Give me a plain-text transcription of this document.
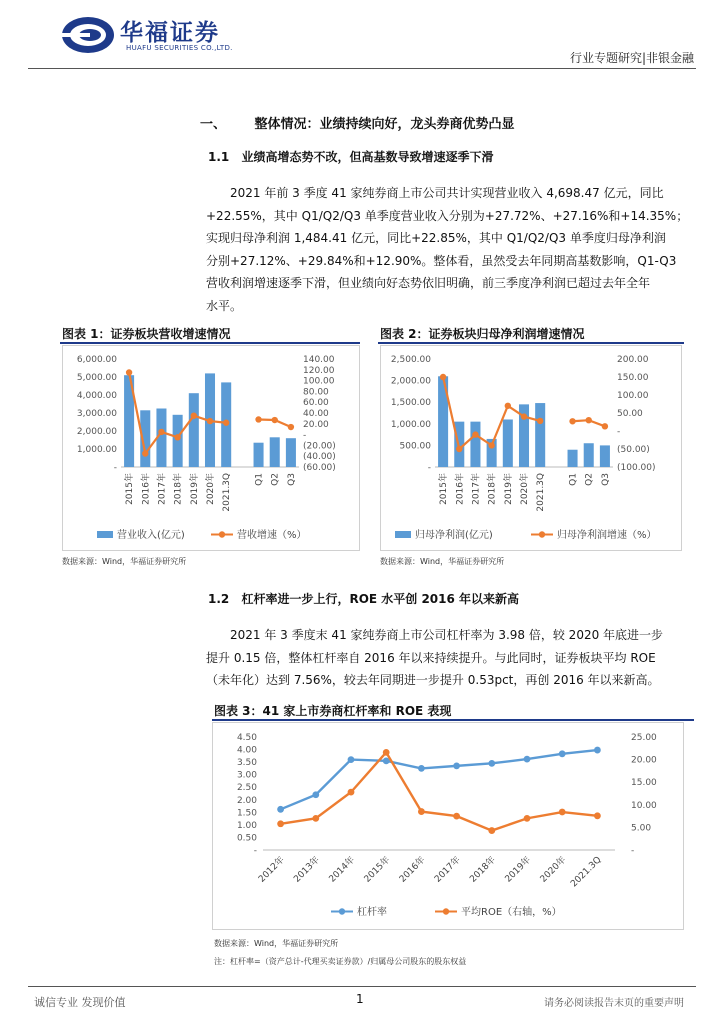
华福证券
HUAFU SECURITIES CO.,LTD.
行业专题研究|非银金融
一、 整体情况：业绩持续向好，龙头券商优势凸显
1.1 业绩高增态势不改，但高基数导致增速逐季下滑
2021 年前 3 季度 41 家纯券商上市公司共计实现营业收入 4,698.47 亿元，同比
+22.55%，其中 Q1/Q2/Q3 单季度营业收入分别为+27.72%、+27.16%和+14.35%；
实现归母净利润 1,484.41 亿元，同比+22.85%，其中 Q1/Q2/Q3 单季度归母净利润
分别+27.12%、+29.84%和+12.90%。整体看，虽然受去年同期高基数影响，Q1-Q3
营收利润增速逐季下滑，但业绩向好态势依旧明确，前三季度净利润已超过去年全年
水平。
图表 1：证券板块营收增速情况	图表 2：证券板块归母净利润增速情况
6,000.00
5,000.00
4,000.00
3,000.00
2,000.00
1,000.00
-
140.00
120.00
100.00
80.00
60.00
40.00
20.00
-
(20.00)
(40.00)
(60.00)
2015年 2016年 2017年 2018年 2019年 2020年 2021.3Q Q1 Q2 Q3
营业收入(亿元)	营收增速（%）
数据来源：Wind，华福证券研究所
2,500.00
2,000.00
1,500.00
1,000.00
500.00
-
200.00
150.00
100.00
50.00
-
(50.00)
(100.00)
2015年 2016年 2017年 2018年 2019年 2020年 2021.3Q Q1 Q2 Q3
归母净利润(亿元)	归母净利润增速（%）
数据来源：Wind，华福证券研究所
1.2 杠杆率进一步上行，ROE 水平创 2016 年以来新高
2021 年 3 季度末 41 家纯券商上市公司杠杆率为 3.98 倍，较 2020 年底进一步
提升 0.15 倍，整体杠杆率自 2016 年以来持续提升。与此同时，证券板块平均 ROE
（未年化）达到 7.56%，较去年同期进一步提升 0.53pct，再创 2016 年以来新高。
图表 3：41 家上市券商杠杆率和 ROE 表现
4.50
4.00
3.50
3.00
2.50
2.00
1.50
1.00
0.50
-
25.00
20.00
15.00
10.00
5.00
-
2012年 2013年 2014年 2015年 2016年 2017年 2018年 2019年 2020年 2021.3Q
杠杆率	平均ROE（右轴，%）
数据来源：Wind，华福证券研究所
注：杠杆率=（资产总计-代理买卖证券款）/归属母公司股东的股东权益
诚信专业 发现价值	1	请务必阅读报告末页的重要声明
